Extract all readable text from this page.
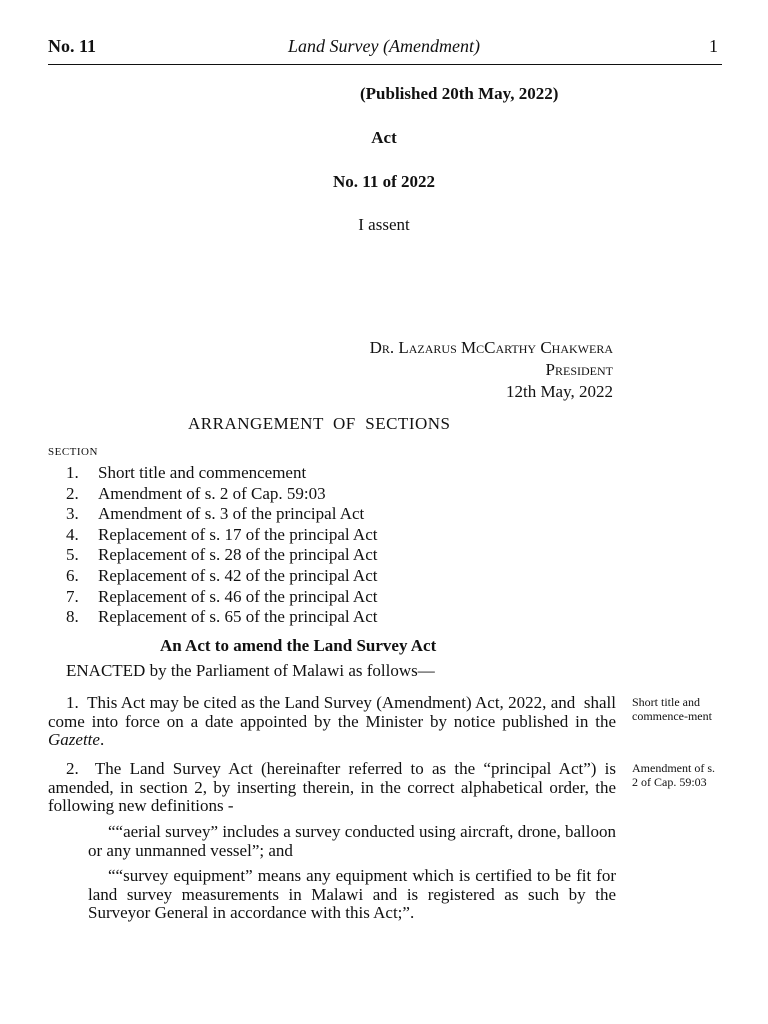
No. 11	Land Survey (Amendment)	1
(Published 20th May, 2022)
Act
No. 11 of 2022
I assent
Dr. Lazarus McCarthy Chakwera
President
12th May, 2022
ARRANGEMENT  OF  SECTIONS
SECTION
1. Short title and commencement
2. Amendment of s. 2 of Cap. 59:03
3. Amendment of s. 3 of the principal Act
4. Replacement of s. 17 of the principal Act
5. Replacement of s. 28 of the principal Act
6. Replacement of s. 42 of the principal Act
7. Replacement of s. 46 of the principal Act
8. Replacement of s. 65 of the principal Act
An Act to amend the Land Survey Act
ENACTED by the Parliament of Malawi as follows—
1.  This Act may be cited as the Land Survey (Amendment) Act, 2022, and  shall come into force on a date appointed by the Minister by notice published in the Gazette.
Short title and commence-ment
2.  The Land Survey Act (hereinafter referred to as the “principal Act”) is amended, in section 2, by inserting therein, in the correct alphabetical order, the following new definitions -
Amendment of s. 2 of Cap. 59:03
““aerial survey” includes a survey conducted using aircraft, drone, balloon or any unmanned vessel”; and
““survey equipment” means any equipment which is certified to be fit for land survey measurements in Malawi and is registered as such by the Surveyor General in accordance with this Act;”.
